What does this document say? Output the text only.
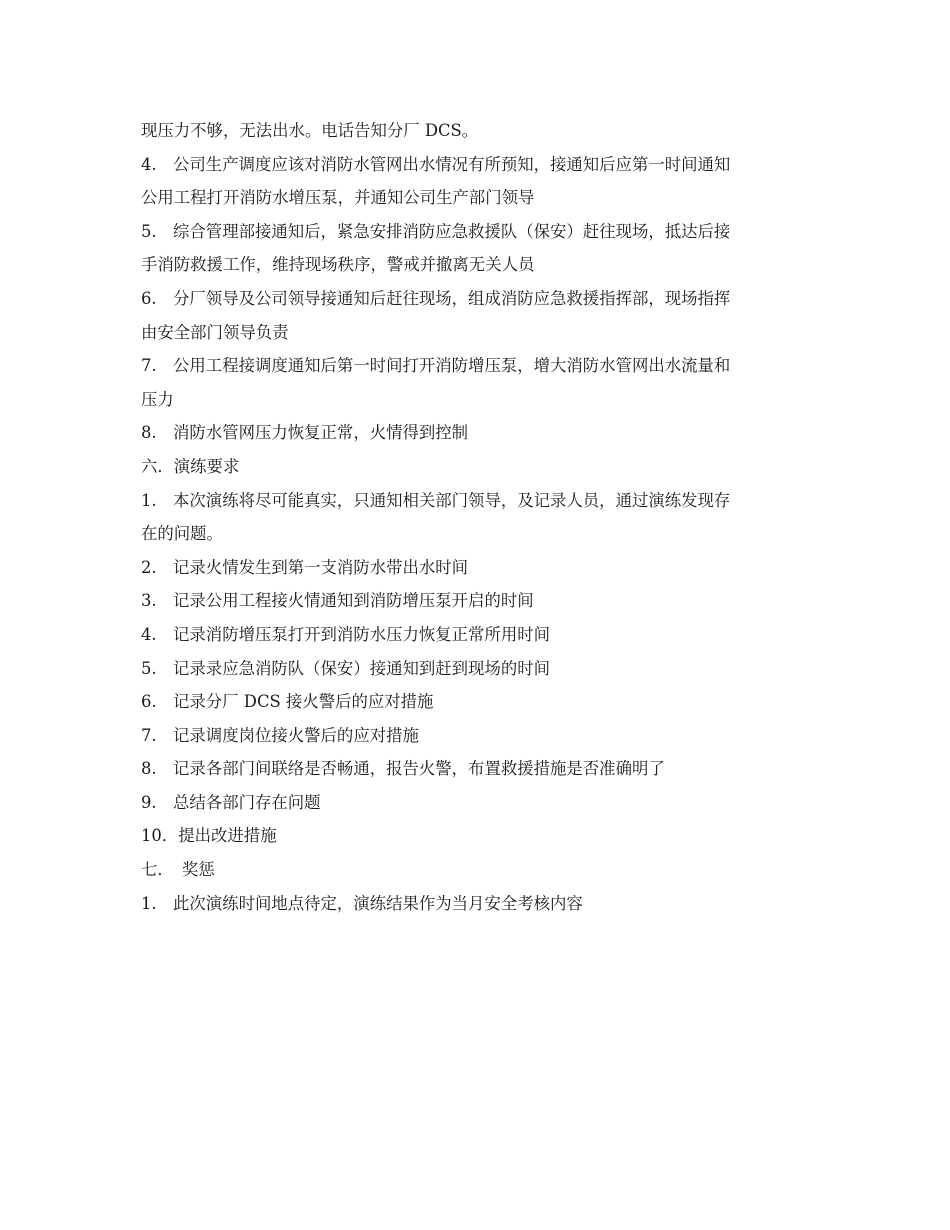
现压力不够，无法出水。电话告知分厂 DCS。
4.　公司生产调度应该对消防水管网出水情况有所预知，接通知后应第一时间通知
公用工程打开消防水增压泵，并通知公司生产部门领导
5.　综合管理部接通知后，紧急安排消防应急救援队（保安）赶往现场，抵达后接
手消防救援工作，维持现场秩序，警戒并撤离无关人员
6.　分厂领导及公司领导接通知后赶往现场，组成消防应急救援指挥部，现场指挥
由安全部门领导负责
7.　公用工程接调度通知后第一时间打开消防增压泵，增大消防水管网出水流量和
压力
8.　消防水管网压力恢复正常，火情得到控制
六．演练要求
1.　本次演练将尽可能真实，只通知相关部门领导，及记录人员，通过演练发现存
在的问题。
2.　记录火情发生到第一支消防水带出水时间
3.　记录公用工程接火情通知到消防增压泵开启的时间
4.　记录消防增压泵打开到消防水压力恢复正常所用时间
5.　记录录应急消防队（保安）接通知到赶到现场的时间
6.　记录分厂 DCS 接火警后的应对措施
7.　记录调度岗位接火警后的应对措施
8.　记录各部门间联络是否畅通，报告火警，布置救援措施是否准确明了
9.　总结各部门存在问题
10．提出改进措施
七．　奖惩
1.　此次演练时间地点待定，演练结果作为当月安全考核内容
